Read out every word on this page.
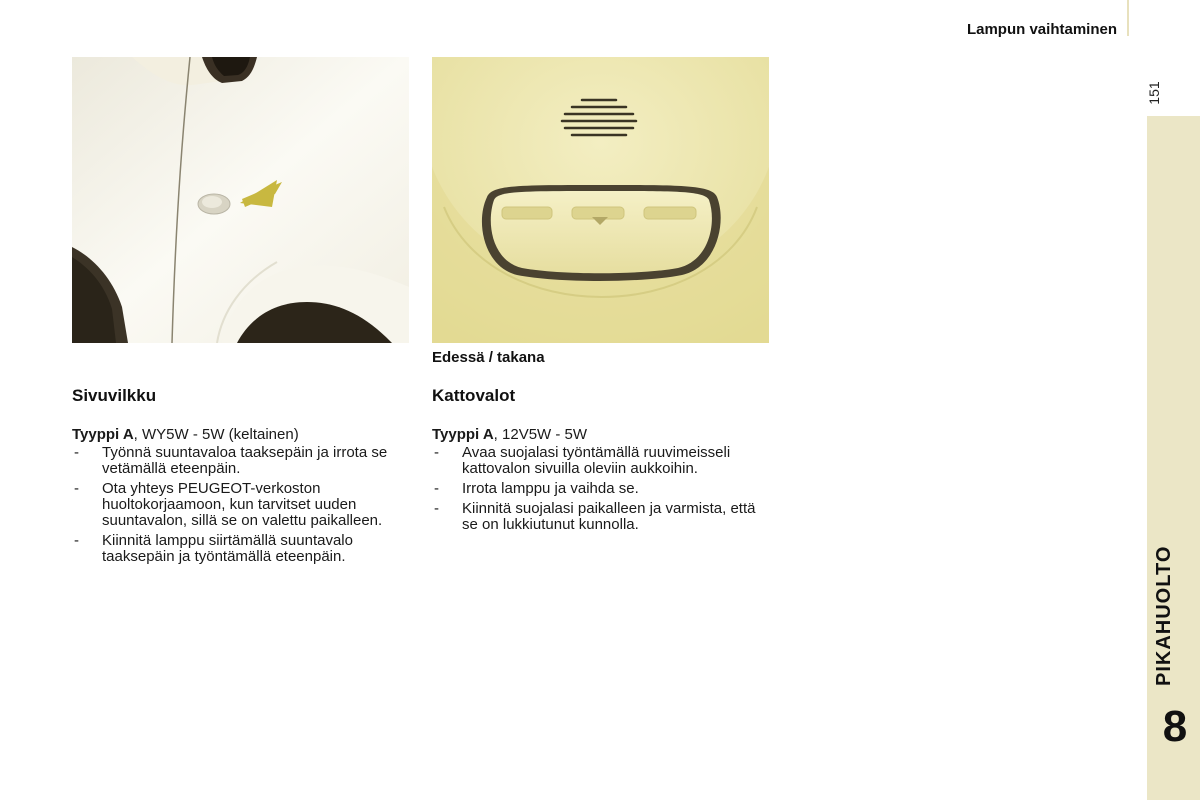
Lampun vaihtaminen
151
PIKAHUOLTO
8
Edessä / takana
Sivuvilkku

Tyyppi A, WY5W - 5W (keltainen)

- Työnnä suuntavaloa taaksepäin ja irrota se vetämällä eteenpäin.
- Ota yhteys PEUGEOT-verkoston huoltokorjaamoon, kun tarvitset uuden suuntavalon, sillä se on valettu paikalleen.
- Kiinnitä lamppu siirtämällä suuntavalo taaksepäin ja työntämällä eteenpäin.
Kattovalot

Tyyppi A, 12V5W - 5W

- Avaa suojalasi työntämällä ruuvimeisseli kattovalon sivuilla oleviin aukkoihin.
- Irrota lamppu ja vaihda se.
- Kiinnitä suojalasi paikalleen ja varmista, että se on lukkiutunut kunnolla.
